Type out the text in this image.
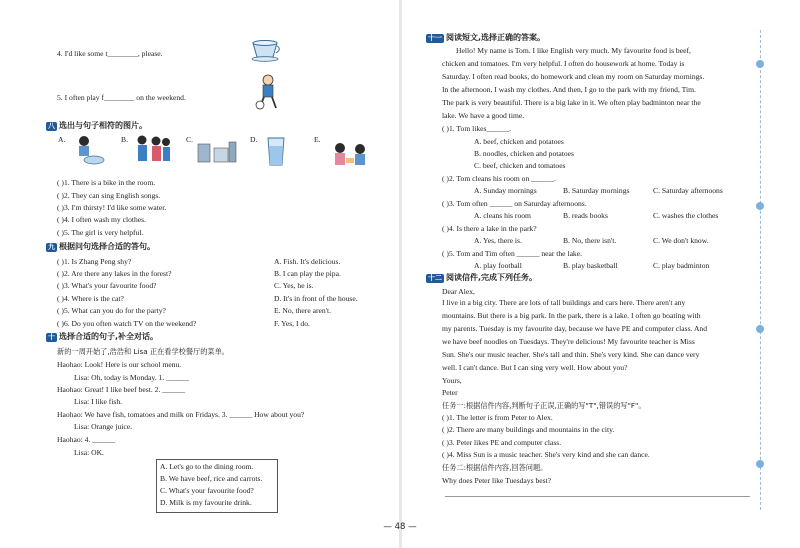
4. I'd like some t________, please.
5. I often play f________ on the weekend.
八 选出与句子相符的图片。
A.	B.	C.	D.	E.
( )1. There is a bike in the room.
( )2. They can sing English songs.
( )3. I'm thirsty! I'd like some water.
( )4. I often wash my clothes.
( )5. The girl is very helpful.
九 根据问句选择合适的答句。
( )1. Is Zhang Peng shy?
( )2. Are there any lakes in the forest?
( )3. What's your favourite food?
( )4. Where is the cat?
( )5. What can you do for the party?
( )6. Do you often watch TV on the weekend?
A. Fish. It's delicious.
B. I can play the pipa.
C. Yes, he is.
D. It's in front of the house.
E. No, there aren't.
F. Yes, I do.
十 选择合适的句子,补全对话。
新的一周开始了,浩浩和 Lisa 正在看学校餐厅的菜单。
Haohao: Look! Here is our school menu.
Lisa: Oh, today is Monday. 1. ______
Haohao: Great! I like beef best. 2. ______
Lisa: I like fish.
Haohao: We have fish, tomatoes and milk on Fridays. 3. ______ How about you?
Lisa: Orange juice.
Haohao: 4. ______
Lisa: OK.
A. Let's go to the dining room.
B. We have beef, rice and carrots.
C. What's your favourite food?
D. Milk is my favourite drink.
十一 阅读短文,选择正确的答案。
Hello! My name is Tom. I like English very much. My favourite food is beef,
chicken and tomatoes. I'm very helpful. I often do housework at home. Today is
Saturday. I often read books, do homework and clean my room on Saturday mornings.
In the afternoon, I wash my clothes. And then, I go to the park with my friend, Tim.
The park is very beautiful. There is a big lake in it. We often play badminton near the
lake. We have a good time.
( )1. Tom likes______.
A. beef, chicken and potatoes
B. noodles, chicken and potatoes
C. beef, chicken and tomatoes
( )2. Tom cleans his room on ______.
A. Sunday mornings	B. Saturday mornings	C. Saturday afternoons
( )3. Tom often ______ on Saturday afternoons.
A. cleans his room	B. reads books	C. washes the clothes
( )4. Is there a lake in the park?
A. Yes, there is.	B. No, there isn't.	C. We don't know.
( )5. Tom and Tim often ______ near the lake.
A. play football	B. play basketball	C. play badminton
十二 阅读信件,完成下列任务。
Dear Alex,
I live in a big city. There are lots of tall buildings and cars here. There aren't any
mountains. But there is a big park. In the park, there is a lake. I often go boating with
my parents. Tuesday is my favourite day, because we have PE and computer class. And
we have beef noodles on Tuesdays. They're delicious! My favourite teacher is Miss
Sun. She's our music teacher. She's tall and thin. She's very kind. She can dance very
well. I can't dance. But I can sing very well. How about you?
Yours,
Peter
任务一:根据信件内容,判断句子正误,正确的写"T",错误的写"F"。
( )1. The letter is from Peter to Alex.
( )2. There are many buildings and mountains in the city.
( )3. Peter likes PE and computer class.
( )4. Miss Sun is a music teacher. She's very kind and she can dance.
任务二:根据信件内容,回答问题。
Why does Peter like Tuesdays best?
— 48 —
